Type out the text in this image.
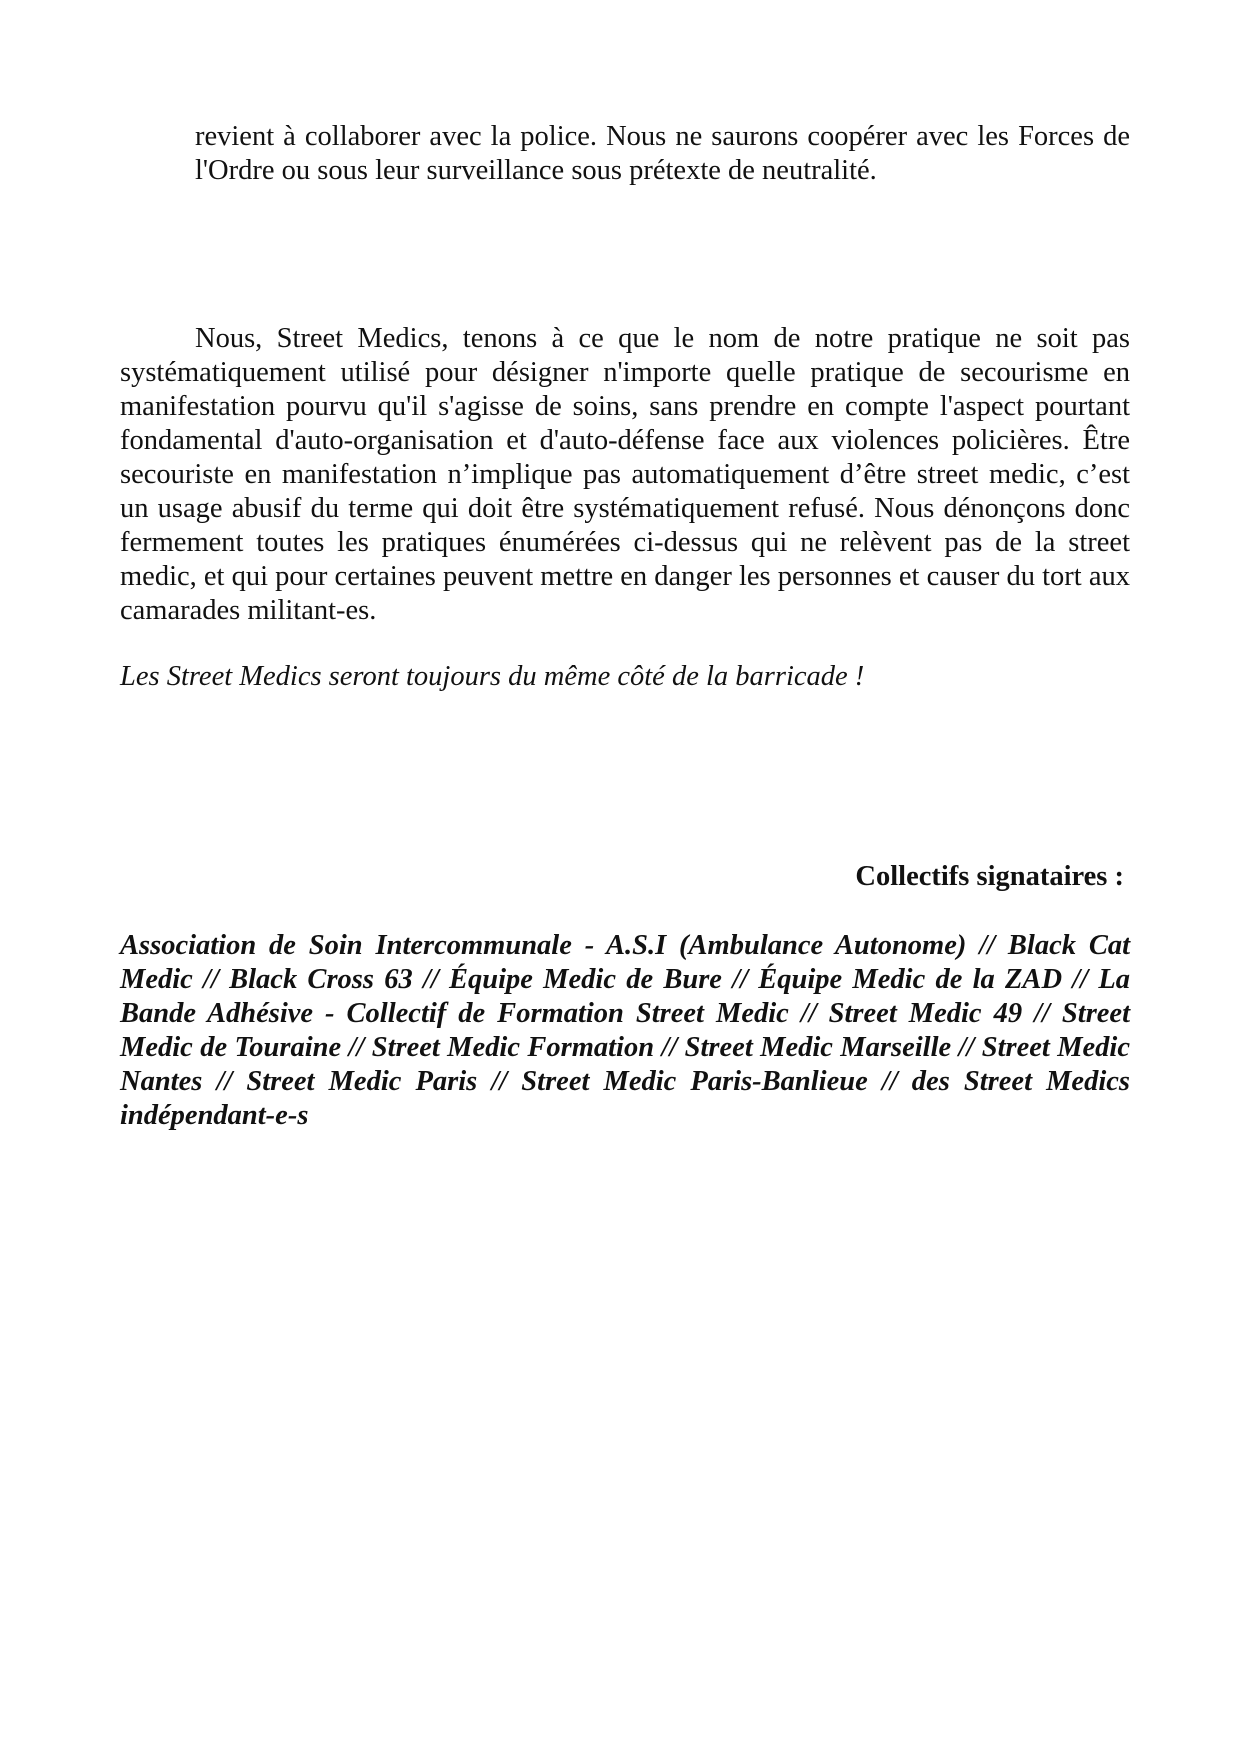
revient à collaborer avec la police. Nous ne saurons coopérer avec les Forces de l'Ordre ou sous leur surveillance sous prétexte de neutralité.

Nous, Street Medics, tenons à ce que le nom de notre pratique ne soit pas systématiquement utilisé pour désigner n'importe quelle pratique de secourisme en manifestation pourvu qu'il s'agisse de soins, sans prendre en compte l'aspect pourtant fondamental d'auto-organisation et d'auto-défense face aux violences policières. Être secouriste en manifestation n’implique pas automatiquement d’être street medic, c’est un usage abusif du terme qui doit être systématiquement refusé. Nous dénonçons donc fermement toutes les pratiques énumérées ci-dessus qui ne relèvent pas de la street medic, et qui pour certaines peuvent mettre en danger les personnes et causer du tort aux camarades militant-es.

Les Street Medics seront toujours du même côté de la barricade !

Collectifs signataires :

Association de Soin Intercommunale - A.S.I (Ambulance Autonome) // Black Cat Medic // Black Cross 63 // Équipe Medic de Bure // Équipe Medic de la ZAD // La Bande Adhésive - Collectif de Formation Street Medic // Street Medic 49 // Street Medic de Touraine // Street Medic Formation // Street Medic Marseille // Street Medic Nantes // Street Medic Paris // Street Medic Paris-Banlieue // des Street Medics indépendant-e-s
